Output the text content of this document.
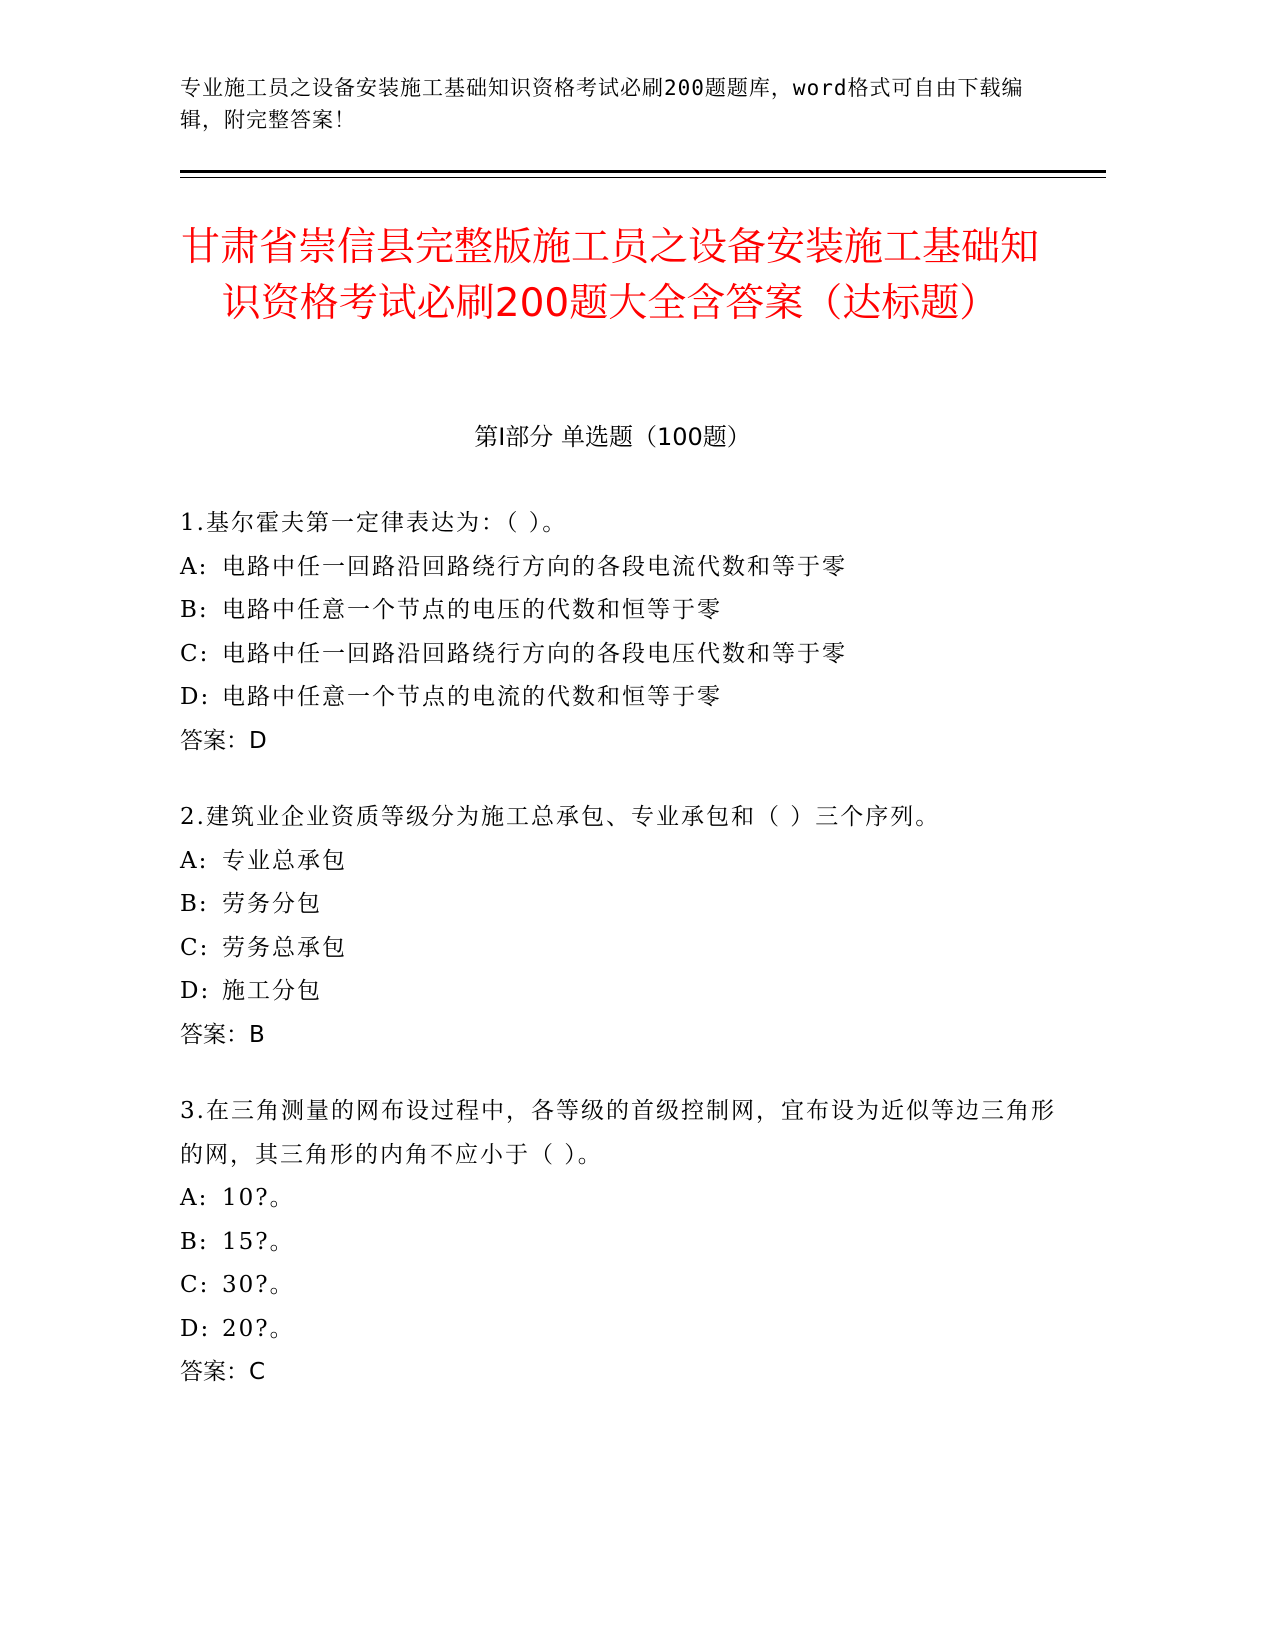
专业施工员之设备安装施工基础知识资格考试必刷200题题库，word格式可自由下载编辑，附完整答案！
甘肃省崇信县完整版施工员之设备安装施工基础知识资格考试必刷200题大全含答案（达标题）
第Ⅰ部分 单选题（100题）
1.基尔霍夫第一定律表达为：（ ）。
A: 电路中任一回路沿回路绕行方向的各段电流代数和等于零
B: 电路中任意一个节点的电压的代数和恒等于零
C: 电路中任一回路沿回路绕行方向的各段电压代数和等于零
D: 电路中任意一个节点的电流的代数和恒等于零
答案：D
2.建筑业企业资质等级分为施工总承包、专业承包和（ ）三个序列。
A: 专业总承包
B: 劳务分包
C: 劳务总承包
D: 施工分包
答案：B
3.在三角测量的网布设过程中，各等级的首级控制网，宜布设为近似等边三角形的网，其三角形的内角不应小于（ ）。
A: 10?。
B: 15?。
C: 30?。
D: 20?。
答案：C
